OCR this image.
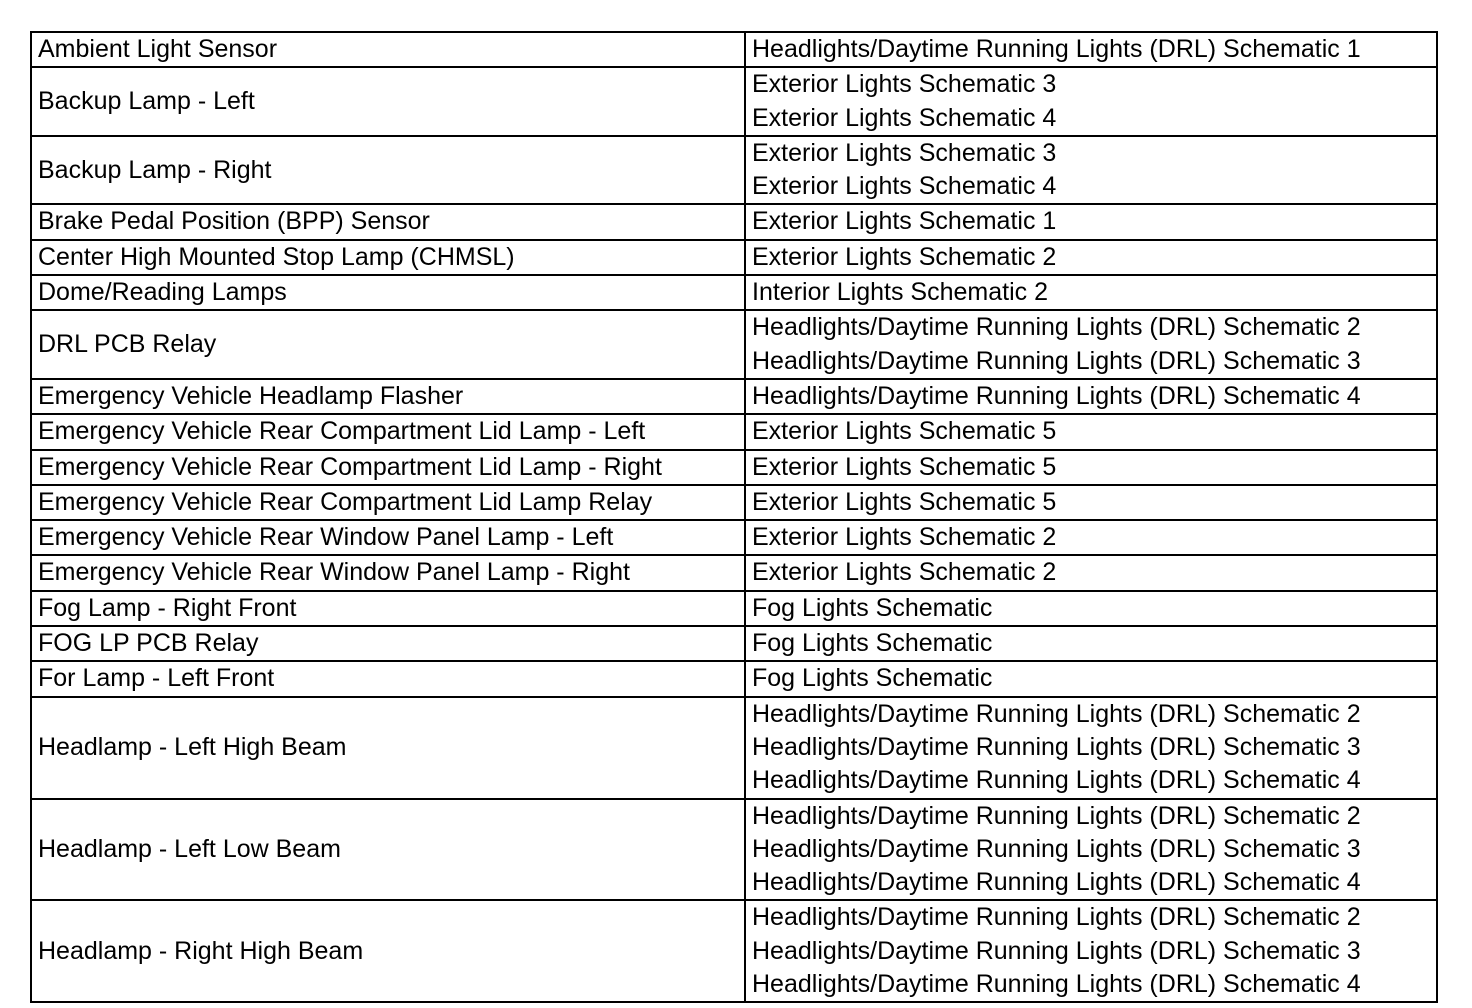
Ambient Light Sensor	Headlights/Daytime Running Lights (DRL) Schematic 1

Backup Lamp - Left	Exterior Lights Schematic 3
Exterior Lights Schematic 4

Backup Lamp - Right	Exterior Lights Schematic 3
Exterior Lights Schematic 4

Brake Pedal Position (BPP) Sensor	Exterior Lights Schematic 1

Center High Mounted Stop Lamp (CHMSL)	Exterior Lights Schematic 2

Dome/Reading Lamps	Interior Lights Schematic 2

DRL PCB Relay	Headlights/Daytime Running Lights (DRL) Schematic 2
Headlights/Daytime Running Lights (DRL) Schematic 3

Emergency Vehicle Headlamp Flasher	Headlights/Daytime Running Lights (DRL) Schematic 4

Emergency Vehicle Rear Compartment Lid Lamp - Left	Exterior Lights Schematic 5

Emergency Vehicle Rear Compartment Lid Lamp - Right	Exterior Lights Schematic 5

Emergency Vehicle Rear Compartment Lid Lamp Relay	Exterior Lights Schematic 5

Emergency Vehicle Rear Window Panel Lamp - Left	Exterior Lights Schematic 2

Emergency Vehicle Rear Window Panel Lamp - Right	Exterior Lights Schematic 2

Fog Lamp - Right Front	Fog Lights Schematic

FOG LP PCB Relay	Fog Lights Schematic

For Lamp - Left Front	Fog Lights Schematic

Headlamp - Left High Beam	Headlights/Daytime Running Lights (DRL) Schematic 2
Headlights/Daytime Running Lights (DRL) Schematic 3
Headlights/Daytime Running Lights (DRL) Schematic 4

Headlamp - Left Low Beam	Headlights/Daytime Running Lights (DRL) Schematic 2
Headlights/Daytime Running Lights (DRL) Schematic 3
Headlights/Daytime Running Lights (DRL) Schematic 4

Headlamp - Right High Beam	Headlights/Daytime Running Lights (DRL) Schematic 2
Headlights/Daytime Running Lights (DRL) Schematic 3
Headlights/Daytime Running Lights (DRL) Schematic 4
